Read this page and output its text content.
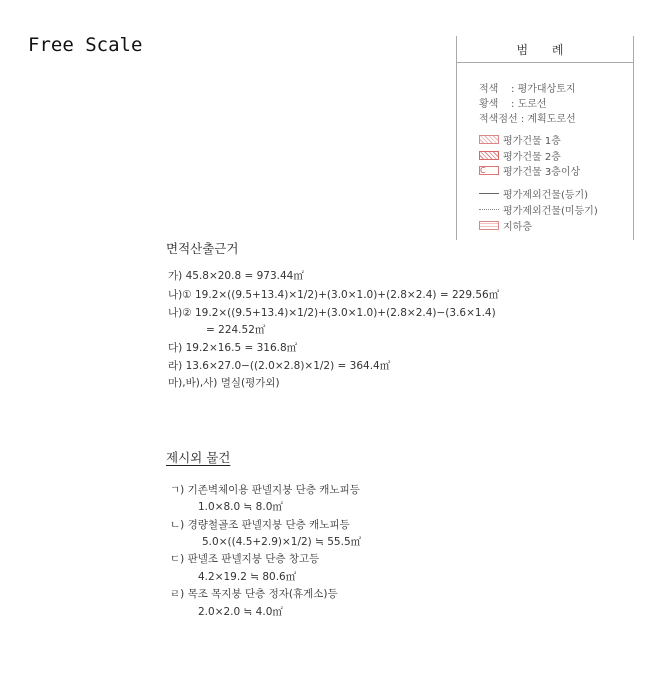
Free Scale	범 례
적색 : 평가대상토지
황색 : 도로선
적색점선 : 계획도로선
평가건물 1층
평가건물 2층
C	평가건물 3층이상
평가제외건물(등기)
평가제외건물(미등기)
지하층
면적산출근거
가) 45.8×20.8 = 973.44㎡
나)① 19.2×((9.5+13.4)×1/2)+(3.0×1.0)+(2.8×2.4) = 229.56㎡
나)② 19.2×((9.5+13.4)×1/2)+(3.0×1.0)+(2.8×2.4)−(3.6×1.4)
= 224.52㎡
다) 19.2×16.5 = 316.8㎡
라) 13.6×27.0−((2.0×2.8)×1/2) = 364.4㎡
마),바),사) 멸실(평가외)
제시외 물건
ㄱ) 기존벽체이용 판넬지붕 단층 캐노피등
1.0×8.0 ≒ 8.0㎡
ㄴ) 경량철골조 판넬지붕 단층 캐노피등
5.0×((4.5+2.9)×1/2) ≒ 55.5㎡
ㄷ) 판넬조 판넬지붕 단층 창고등
4.2×19.2 ≒ 80.6㎡
ㄹ) 목조 목지붕 단층 정자(휴게소)등
2.0×2.0 ≒ 4.0㎡
